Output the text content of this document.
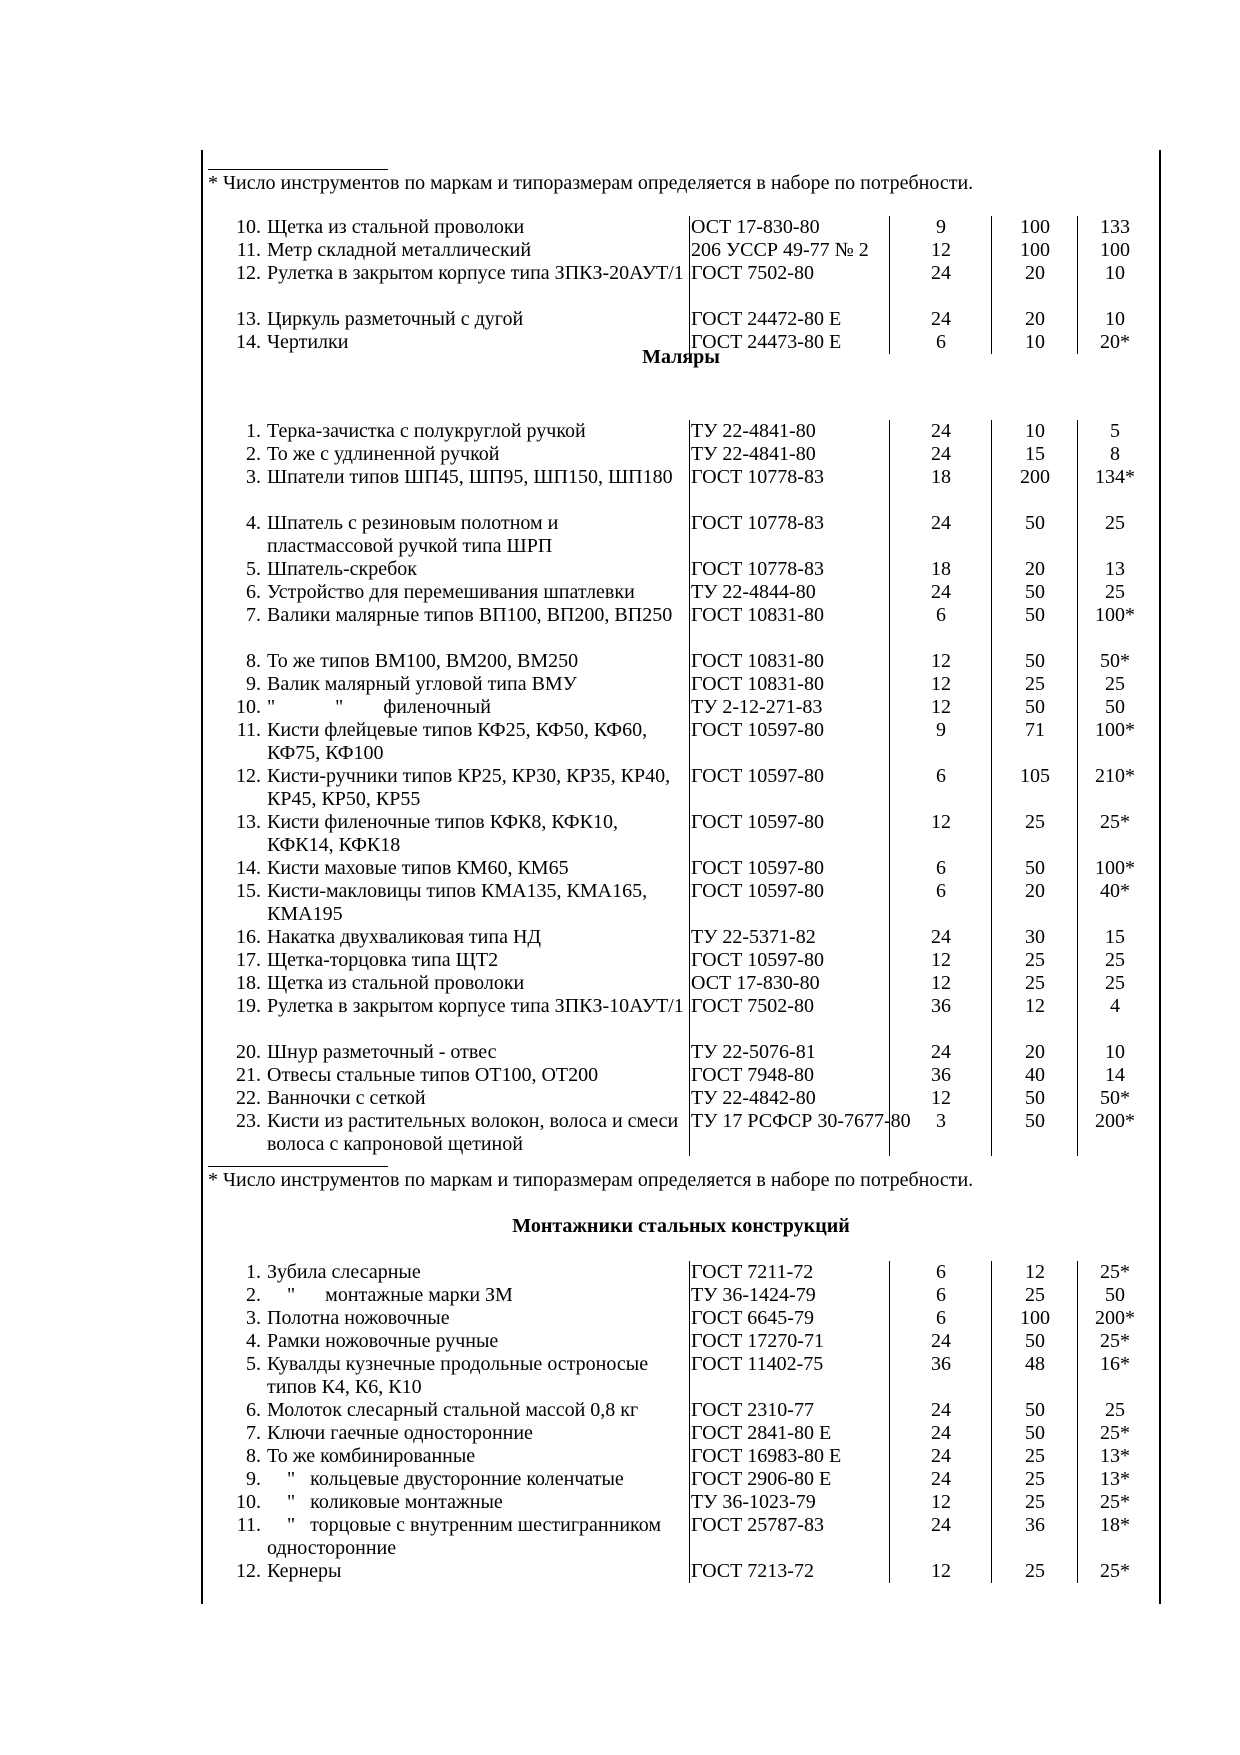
* Число инструментов по маркам и типоразмерам определяется в наборе по потребности.
10. Щетка из стальной проволоки	ОСТ 17-830-80	9	100	133
11. Метр складной металлический	206 УССР 49-77 № 2	12	100	100
12. Рулетка в закрытом корпусе типа ЗПКЗ-20АУТ/1 ГОСТ 7502-80	24	20	10
13. Циркуль разметочный с дугой	ГОСТ 24472-80 Е	24	20	10
14. Чертилки	ГОСТ 24473-80 Е	6	10	20*
Маляры
1. Терка-зачистка с полукруглой ручкой	ТУ 22-4841-80	24	10	5
2. То же с удлиненной ручкой	ТУ 22-4841-80	24	15	8
3. Шпатели типов ШП45, ШП95, ШП150, ШП180 ГОСТ 10778-83	18	200	134*
4. Шпатель с резиновым полотном и пластмассовой ручкой типа ШРП
ГОСТ 10778-83	24	50	25
5. Шпатель-скребок	ГОСТ 10778-83	18	20	13
6. Устройство для перемешивания шпатлевки	ТУ 22-4844-80	24	50	25
7. Валики малярные типов ВП100, ВП200, ВП250 ГОСТ 10831-80	6	50	100*
8. То же типов ВМ100, ВМ200, ВМ250	ГОСТ 10831-80	12	50	50*
9. Валик малярный угловой типа ВМУ	ГОСТ 10831-80	12	25	25
10. "            "        филеночный	ТУ 2-12-271-83	12	50	50
11. Кисти флейцевые типов КФ25, КФ50, КФ60, КФ75, КФ100
ГОСТ 10597-80	9	71	100*
12. Кисти-ручники типов КР25, КР30, КР35, КР40, КР45, КР50, КР55
ГОСТ 10597-80	6	105	210*
13. Кисти филеночные типов КФК8, КФК10, КФК14, КФК18
ГОСТ 10597-80	12	25	25*
14. Кисти маховые типов КМ60, КМ65	ГОСТ 10597-80	6	50	100*
15. Кисти-макловицы типов КМА135, КМА165, КМА195
ГОСТ 10597-80	6	20	40*
16. Накатка двухваликовая типа НД	ТУ 22-5371-82	24	30	15
17. Щетка-торцовка типа ЩТ2	ГОСТ 10597-80	12	25	25
18. Щетка из стальной проволоки	ОСТ 17-830-80	12	25	25
19. Рулетка в закрытом корпусе типа ЗПКЗ-10АУТ/1 ГОСТ 7502-80	36	12	4
20. Шнур разметочный - отвес	ТУ 22-5076-81	24	20	10
21. Отвесы стальные типов ОТ100, ОТ200	ГОСТ 7948-80	36	40	14
22. Ванночки с сеткой	ТУ 22-4842-80	12	50	50*
23. Кисти из растительных волокон, волоса и смеси волоса с капроновой щетиной
ТУ 17 РСФСР 30-7677-80	3	50	200*
* Число инструментов по маркам и типоразмерам определяется в наборе по потребности.
Монтажники стальных конструкций
1. Зубила слесарные	ГОСТ 7211-72	6	12	25*
2. "      монтажные марки ЗМ	ТУ 36-1424-79	6	25	50
3. Полотна ножовочные	ГОСТ 6645-79	6	100	200*
4. Рамки ножовочные ручные	ГОСТ 17270-71	24	50	25*
5. Кувалды кузнечные продольные остроносые типов К4, К6, К10
ГОСТ 11402-75	36	48	16*
6. Молоток слесарный стальной массой 0,8 кг	ГОСТ 2310-77	24	50	25
7. Ключи гаечные односторонние	ГОСТ 2841-80 Е	24	50	25*
8. То же комбинированные	ГОСТ 16983-80 Е	24	25	13*
9. "   кольцевые двусторонние коленчатые	ГОСТ 2906-80 Е	24	25	13*
10. "   коликовые монтажные	ТУ 36-1023-79	12	25	25*
11. "   торцовые с внутренним шестигранником односторонние
ГОСТ 25787-83	24	36	18*
12. Кернеры	ГОСТ 7213-72	12	25	25*
